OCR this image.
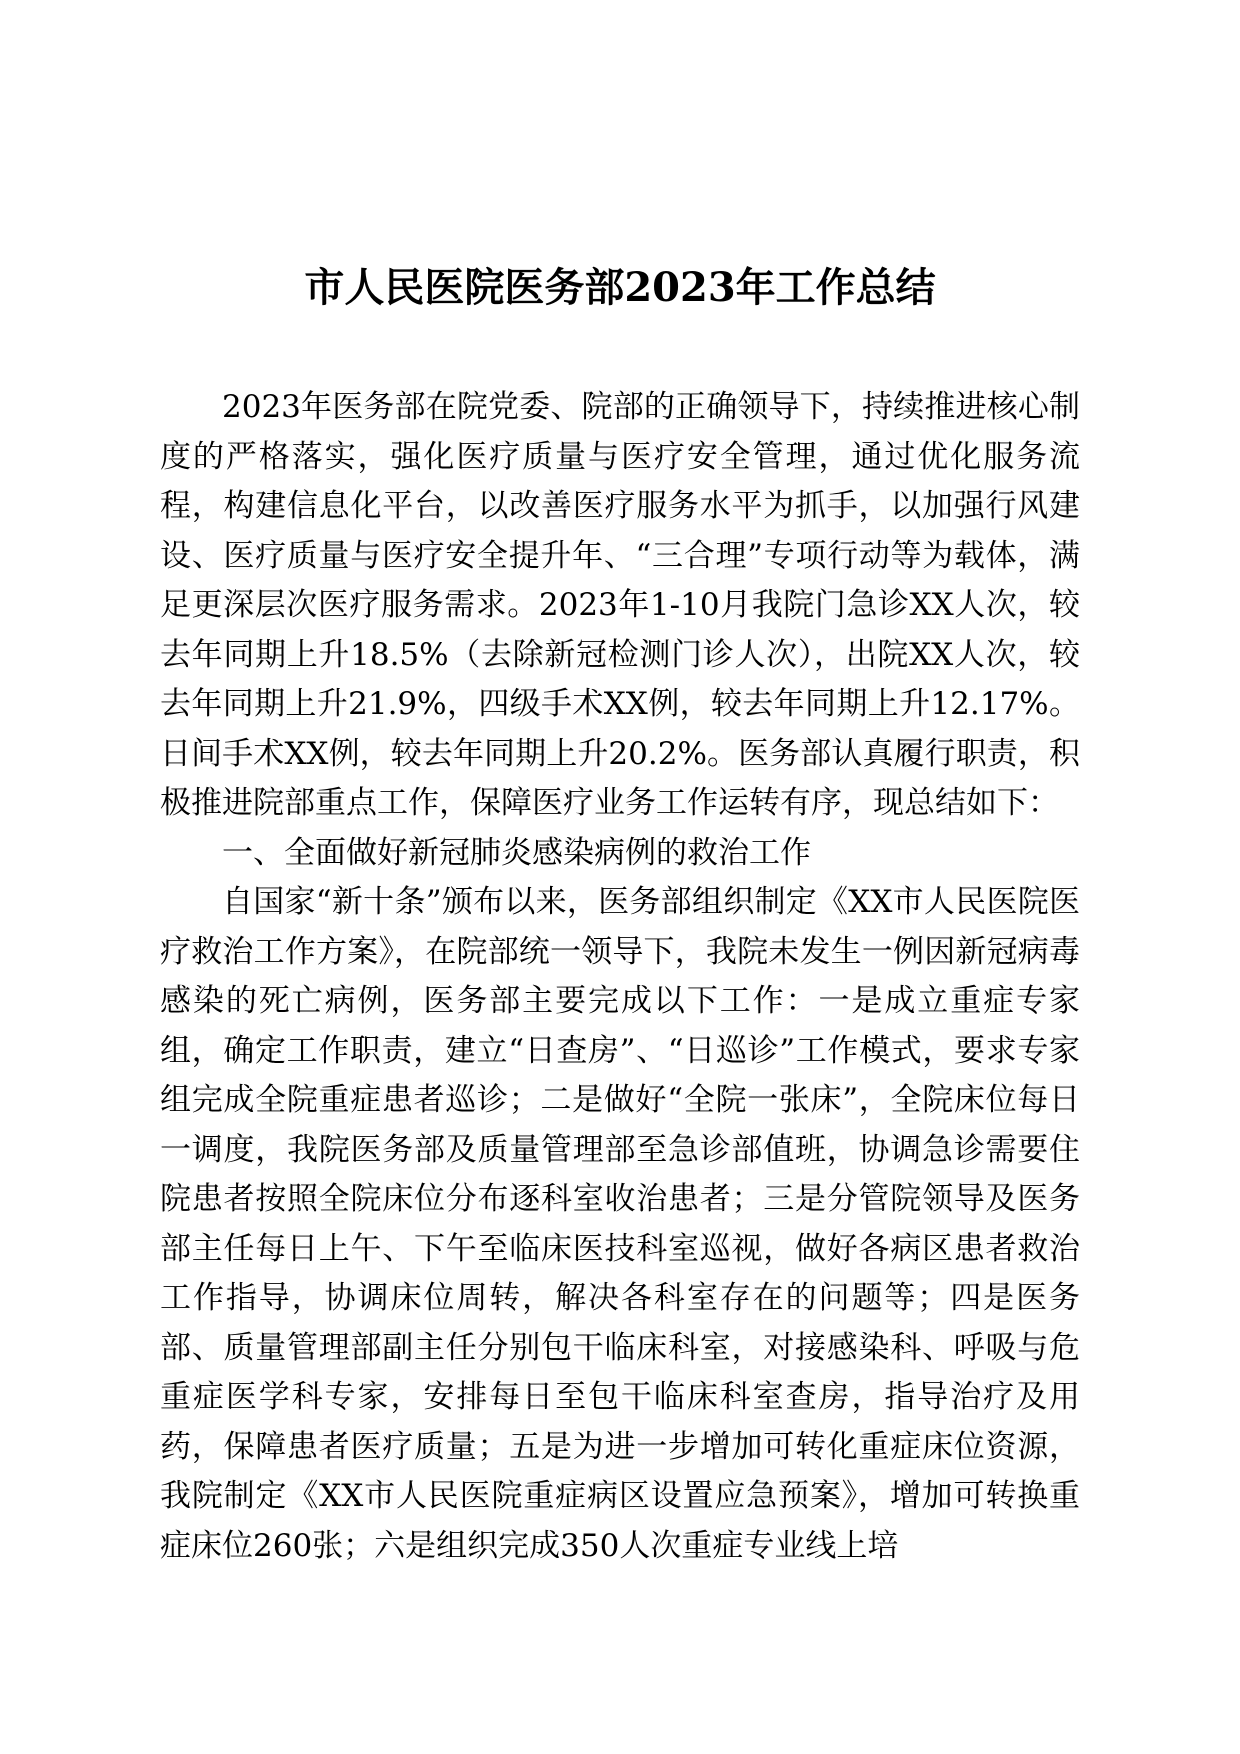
市人民医院医务部2023年工作总结

2023年医务部在院党委、院部的正确领导下，持续推进核心制度的严格落实，强化医疗质量与医疗安全管理，通过优化服务流程，构建信息化平台，以改善医疗服务水平为抓手，以加强行风建设、医疗质量与医疗安全提升年、“三合理”专项行动等为载体，满足更深层次医疗服务需求。2023年1-10月我院门急诊XX人次，较去年同期上升18.5%（去除新冠检测门诊人次），出院XX人次，较去年同期上升21.9%，四级手术XX例，较去年同期上升12.17%。日间手术XX例，较去年同期上升20.2%。医务部认真履行职责，积极推进院部重点工作，保障医疗业务工作运转有序，现总结如下：

一、全面做好新冠肺炎感染病例的救治工作

自国家“新十条”颁布以来，医务部组织制定《XX市人民医院医疗救治工作方案》，在院部统一领导下，我院未发生一例因新冠病毒感染的死亡病例，医务部主要完成以下工作：一是成立重症专家组，确定工作职责，建立“日查房”、“日巡诊”工作模式，要求专家组完成全院重症患者巡诊；二是做好“全院一张床”，全院床位每日一调度，我院医务部及质量管理部至急诊部值班，协调急诊需要住院患者按照全院床位分布逐科室收治患者；三是分管院领导及医务部主任每日上午、下午至临床医技科室巡视，做好各病区患者救治工作指导，协调床位周转，解决各科室存在的问题等；四是医务部、质量管理部副主任分别包干临床科室，对接感染科、呼吸与危重症医学科专家，安排每日至包干临床科室查房，指导治疗及用药，保障患者医疗质量；五是为进一步增加可转化重症床位资源，我院制定《XX市人民医院重症病区设置应急预案》，增加可转换重症床位260张；六是组织完成350人次重症专业线上培
